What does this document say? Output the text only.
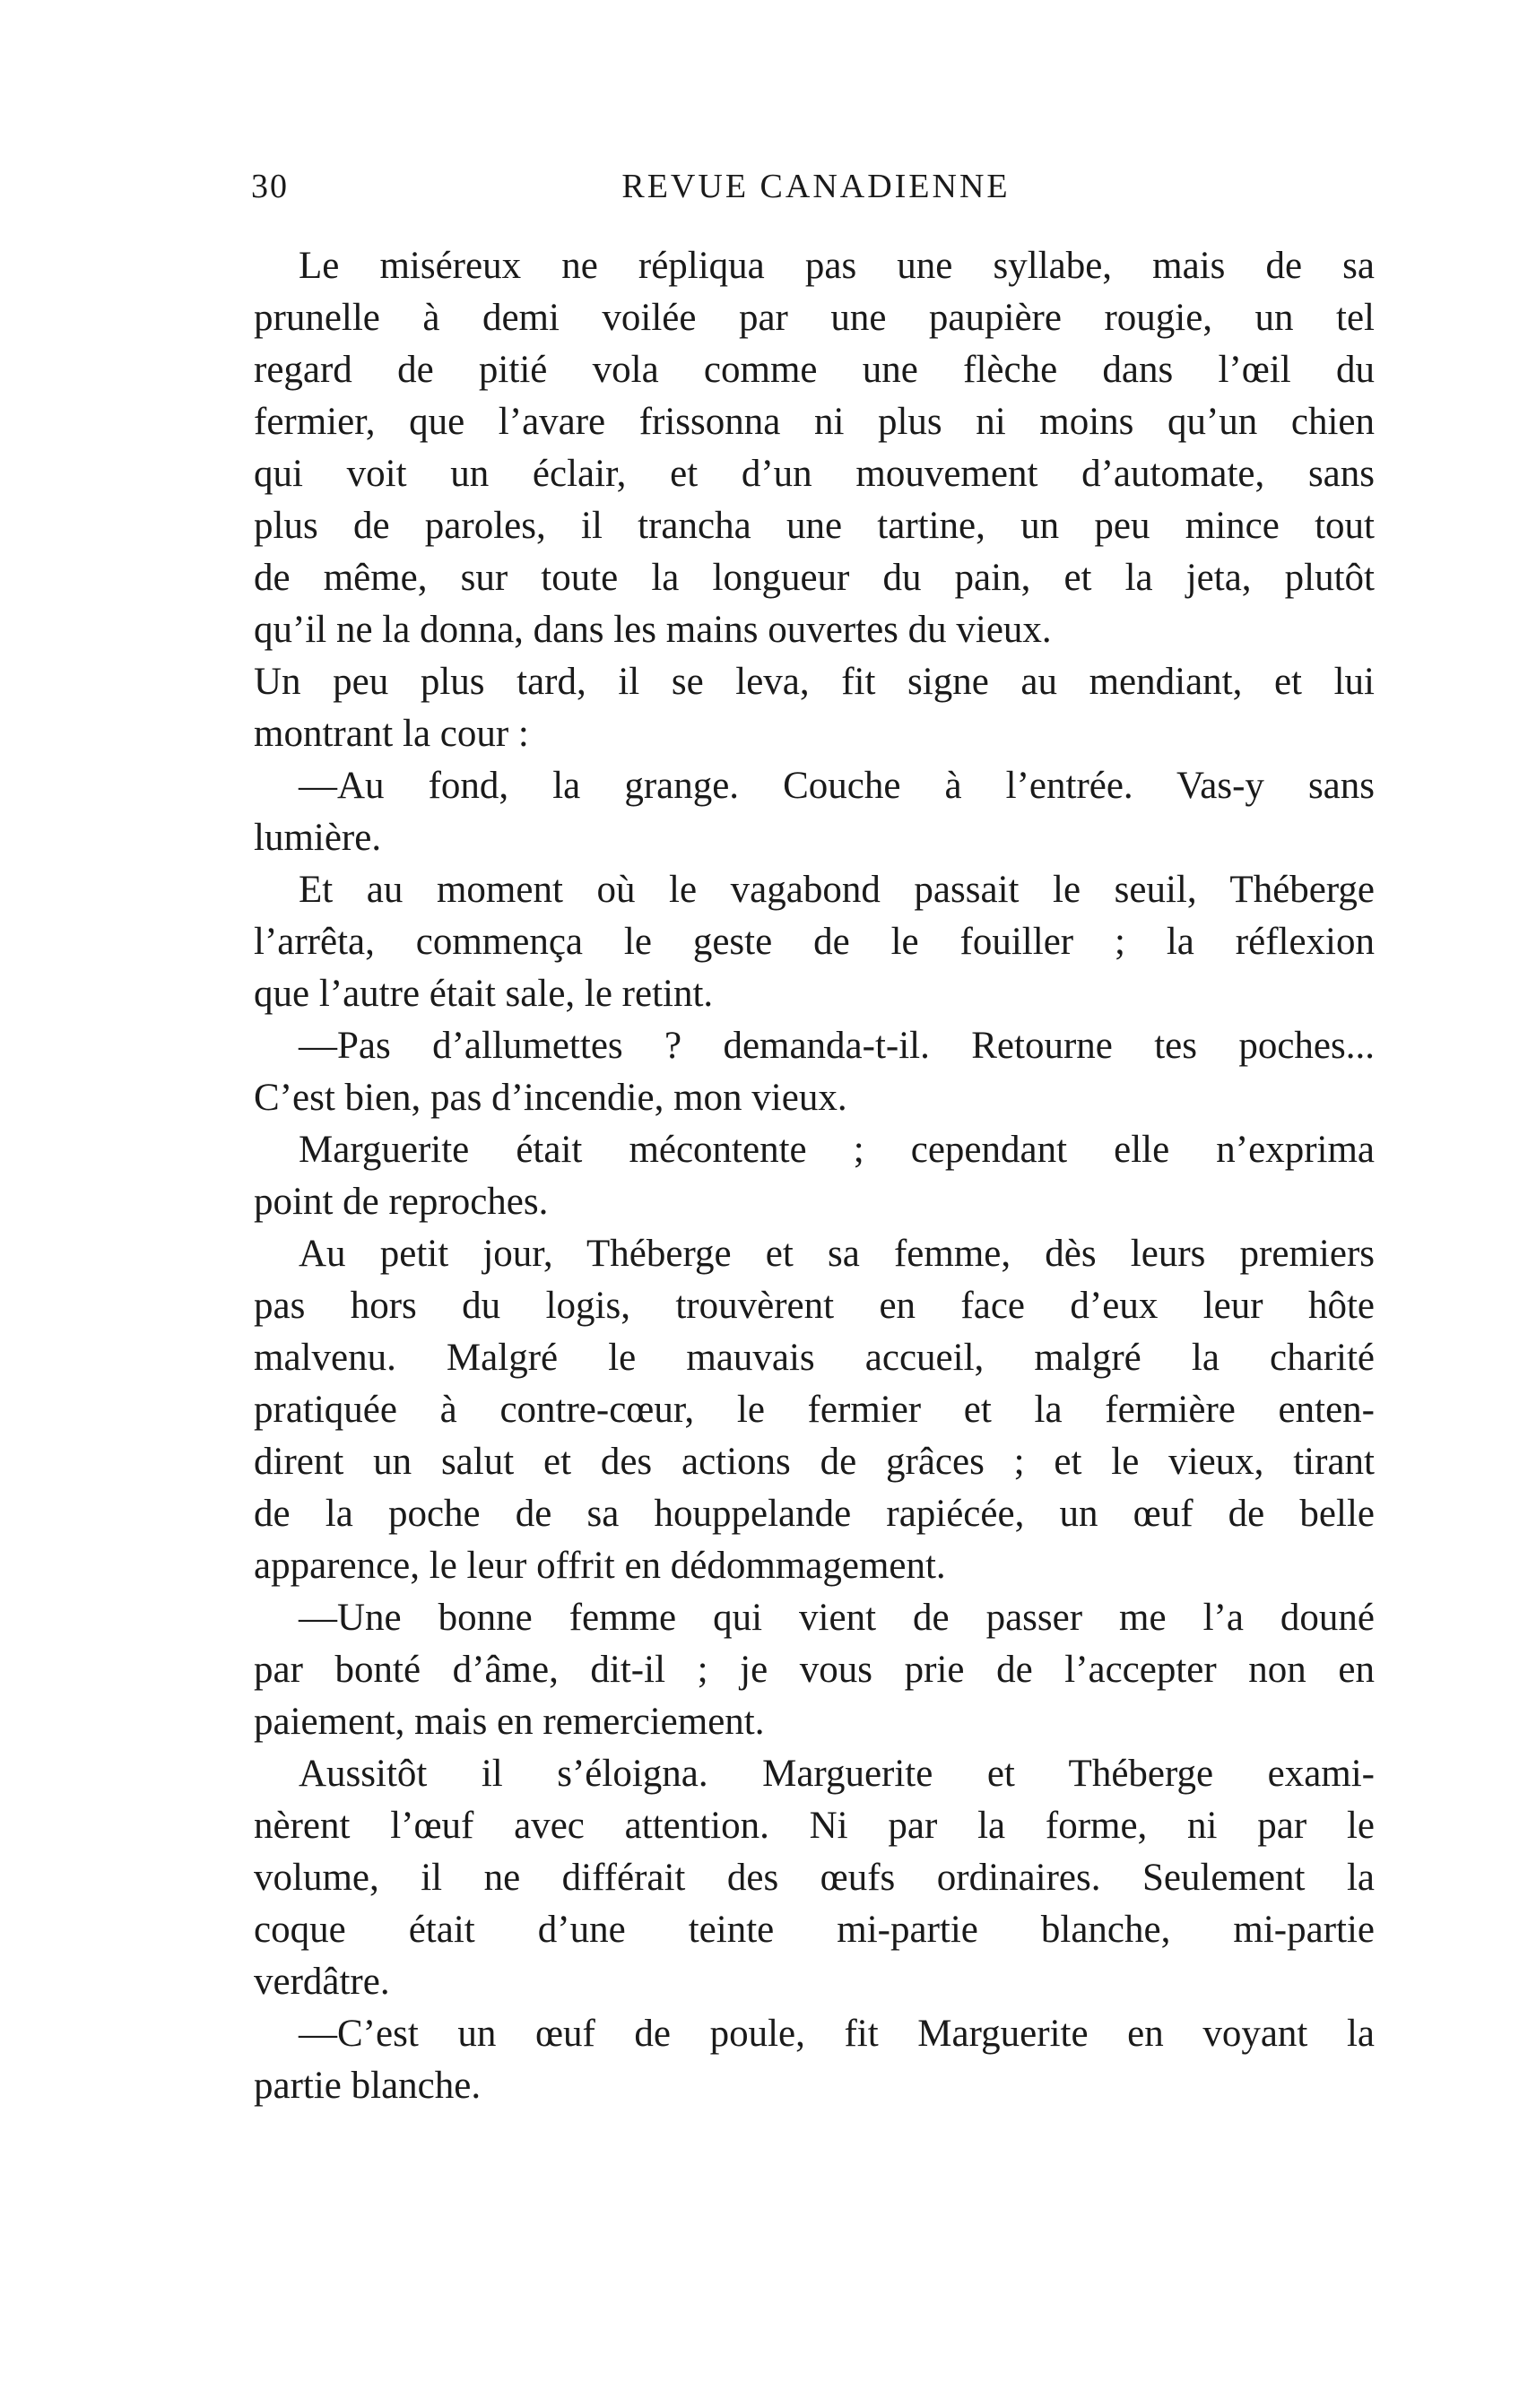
30	REVUE CANADIENNE
Le miséreux ne répliqua pas une syllabe, mais de sa
prunelle à demi voilée par une paupière rougie, un tel
regard de pitié vola comme une flèche dans l’œil du
fermier, que l’avare frissonna ni plus ni moins qu’un chien
qui voit un éclair, et d’un mouvement d’automate, sans
plus de paroles, il trancha une tartine, un peu mince tout
de même, sur toute la longueur du pain, et la jeta, plutôt
qu’il ne la donna, dans les mains ouvertes du vieux.
Un peu plus tard, il se leva, fit signe au mendiant, et lui
montrant la cour :
—Au fond, la grange. Couche à l’entrée. Vas-y sans
lumière.
Et au moment où le vagabond passait le seuil, Théberge
l’arrêta, commença le geste de le fouiller ; la réflexion
que l’autre était sale, le retint.
—Pas d’allumettes ? demanda-t-il. Retourne tes poches...
C’est bien, pas d’incendie, mon vieux.
Marguerite était mécontente ; cependant elle n’exprima
point de reproches.
Au petit jour, Théberge et sa femme, dès leurs premiers
pas hors du logis, trouvèrent en face d’eux leur hôte
malvenu. Malgré le mauvais accueil, malgré la charité
pratiquée à contre-cœur, le fermier et la fermière enten-
dirent un salut et des actions de grâces ; et le vieux, tirant
de la poche de sa houppelande rapiécée, un œuf de belle
apparence, le leur offrit en dédommagement.
—Une bonne femme qui vient de passer me l’a douné
par bonté d’âme, dit-il ; je vous prie de l’accepter non en
paiement, mais en remerciement.
Aussitôt il s’éloigna. Marguerite et Théberge exami-
nèrent l’œuf avec attention. Ni par la forme, ni par le
volume, il ne différait des œufs ordinaires. Seulement la
coque était d’une teinte mi-partie blanche, mi-partie
verdâtre.
—C’est un œuf de poule, fit Marguerite en voyant la
partie blanche.
